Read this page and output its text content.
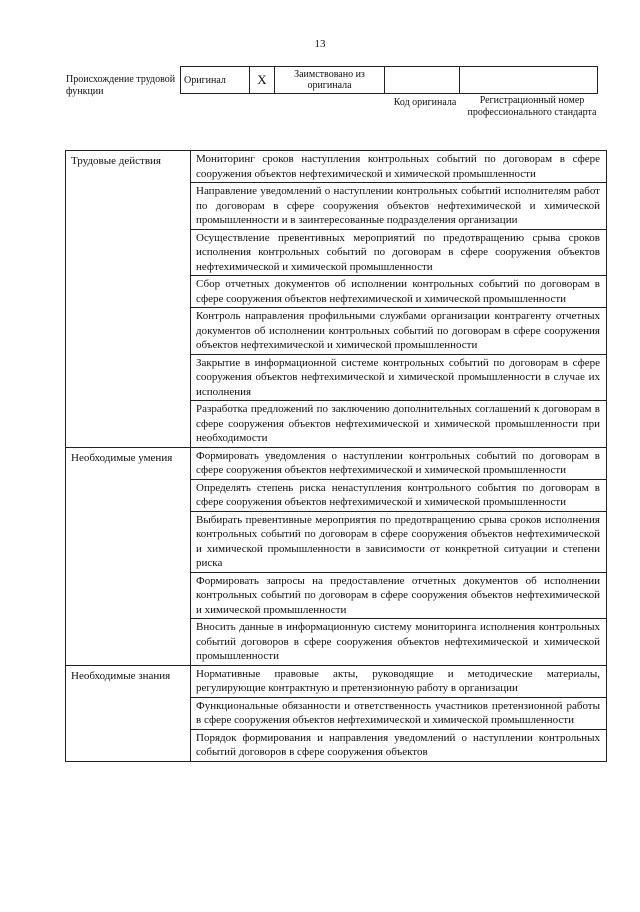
13
Происхождение трудовой функции
Оригинал	X	Заимствовано из оригинала		
Код оригинала	Регистрационный номер профессионального стандарта
Трудовые действия	Мониторинг сроков наступления контрольных событий по договорам в сфере сооружения объектов нефтехимической и химической промышленности
	Направление уведомлений о наступлении контрольных событий исполнителям работ по договорам в сфере сооружения объектов нефтехимической и химической промышленности и в заинтересованные подразделения организации
	Осуществление превентивных мероприятий по предотвращению срыва сроков исполнения контрольных событий по договорам в сфере сооружения объектов нефтехимической и химической промышленности
	Сбор отчетных документов об исполнении контрольных событий по договорам в сфере сооружения объектов нефтехимической и химической промышленности
	Контроль направления профильными службами организации контрагенту отчетных документов об исполнении контрольных событий по договорам в сфере сооружения объектов нефтехимической и химической промышленности
	Закрытие в информационной системе контрольных событий по договорам в сфере сооружения объектов нефтехимической и химической промышленности в случае их исполнения
	Разработка предложений по заключению дополнительных соглашений к договорам в сфере сооружения объектов нефтехимической и химической промышленности при необходимости
Необходимые умения	Формировать уведомления о наступлении контрольных событий по договорам в сфере сооружения объектов нефтехимической и химической промышленности
	Определять степень риска ненаступления контрольного события по договорам в сфере сооружения объектов нефтехимической и химической промышленности
	Выбирать превентивные мероприятия по предотвращению срыва сроков исполнения контрольных событий по договорам в сфере сооружения объектов нефтехимической и химической промышленности в зависимости от конкретной ситуации и степени риска
	Формировать запросы на предоставление отчетных документов об исполнении контрольных событий по договорам в сфере сооружения объектов нефтехимической и химической промышленности
	Вносить данные в информационную систему мониторинга исполнения контрольных событий договоров в сфере сооружения объектов нефтехимической и химической промышленности
Необходимые знания	Нормативные правовые акты, руководящие и методические материалы, регулирующие контрактную и претензионную работу в организации
	Функциональные обязанности и ответственность участников претензионной работы в сфере сооружения объектов нефтехимической и химической промышленности
	Порядок формирования и направления уведомлений о наступлении контрольных событий договоров в сфере сооружения объектов
